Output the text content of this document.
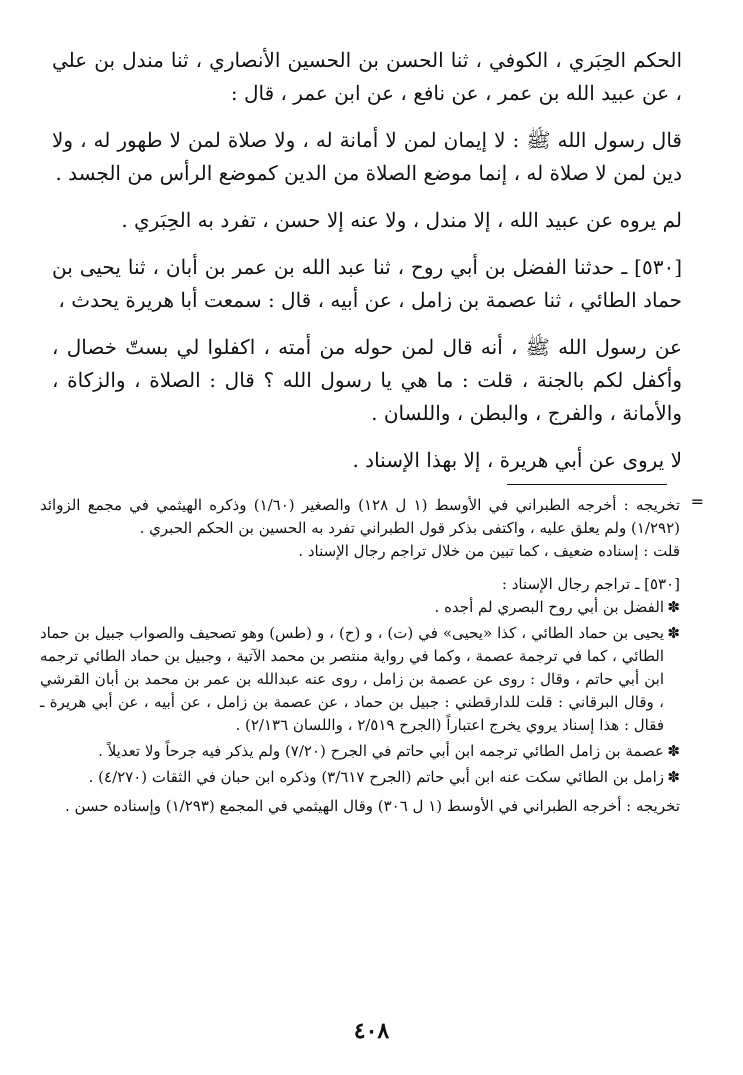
الحكم الحِبَري ، الكوفي ، ثنا الحسن بن الحسين الأنصاري ، ثنا مندل بن علي ، عن عبيد الله بن عمر ، عن نافع ، عن ابن عمر ، قال :

قال رسول الله ﷺ : لا إيمان لمن لا أمانة له ، ولا صلاة لمن لا طهور له ، ولا دين لمن لا صلاة له ، إنما موضع الصلاة من الدين كموضع الرأس من الجسد .

لم يروه عن عبيد الله ، إلا مندل ، ولا عنه إلا حسن ، تفرد به الحِبَري .

[٥٣٠] ـ حدثنا الفضل بن أبي روح ، ثنا عبد الله بن عمر بن أبان ، ثنا يحيى بن حماد الطائي ، ثنا عصمة بن زامل ، عن أبيه ، قال : سمعت أبا هريرة يحدث ،

عن رسول الله ﷺ ، أنه قال لمن حوله من أمته ، اكفلوا لي بستّ خصال ، وأكفل لكم بالجنة ، قلت : ما هي يا رسول الله ؟ قال : الصلاة ، والزكاة ، والأمانة ، والفرج ، والبطن ، واللسان .

لا يروى عن أبي هريرة ، إلا بهذا الإسناد .

=

تخريجه : أخرجه الطبراني في الأوسط (١ ل ١٢٨) والصغير (١/٦٠) وذكره الهيثمي في مجمع الزوائد (١/٢٩٢) ولم يعلق عليه ، واكتفى بذكر قول الطبراني تفرد به الحسين بن الحكم الحبري .

قلت : إسناده ضعيف ، كما تبين من خلال تراجم رجال الإسناد .

[٥٣٠] ـ تراجم رجال الإسناد :

✽
الفضل بن أبي روح البصري لم أجده .
✽
يحيى بن حماد الطائي ، كذا «يحيى» في (ت) ، و (ح) ، و (طس) وهو تصحيف والصواب جبيل بن حماد الطائي ، كما في ترجمة عصمة ، وكما في رواية منتصر بن محمد الآتية ، وجبيل بن حماد الطائي ترجمه ابن أبي حاتم ، وقال : روى عن عصمة بن زامل ، روى عنه عبدالله بن عمر بن محمد بن أبان القرشي ، وقال البرقاني : قلت للدارقطني : جبيل بن حماد ، عن عصمة بن زامل ، عن أبيه ، عن أبي هريرة ـ فقال : هذا إسناد يروي يخرج اعتباراً (الجرح ٢/٥١٩ ، واللسان ٢/١٣٦) .
✽
عصمة بن زامل الطائي ترجمه ابن أبي حاتم في الجرح (٧/٢٠) ولم يذكر فيه جرحاً ولا تعديلاً .
✽
زامل بن الطائي سكت عنه ابن أبي حاتم (الجرح ٣/٦١٧) وذكره ابن حبان في الثقات (٤/٢٧٠) .

تخريجه : أخرجه الطبراني في الأوسط (١ ل ٣٠٦) وقال الهيثمي في المجمع (١/٢٩٣) وإسناده حسن .

٤٠٨
